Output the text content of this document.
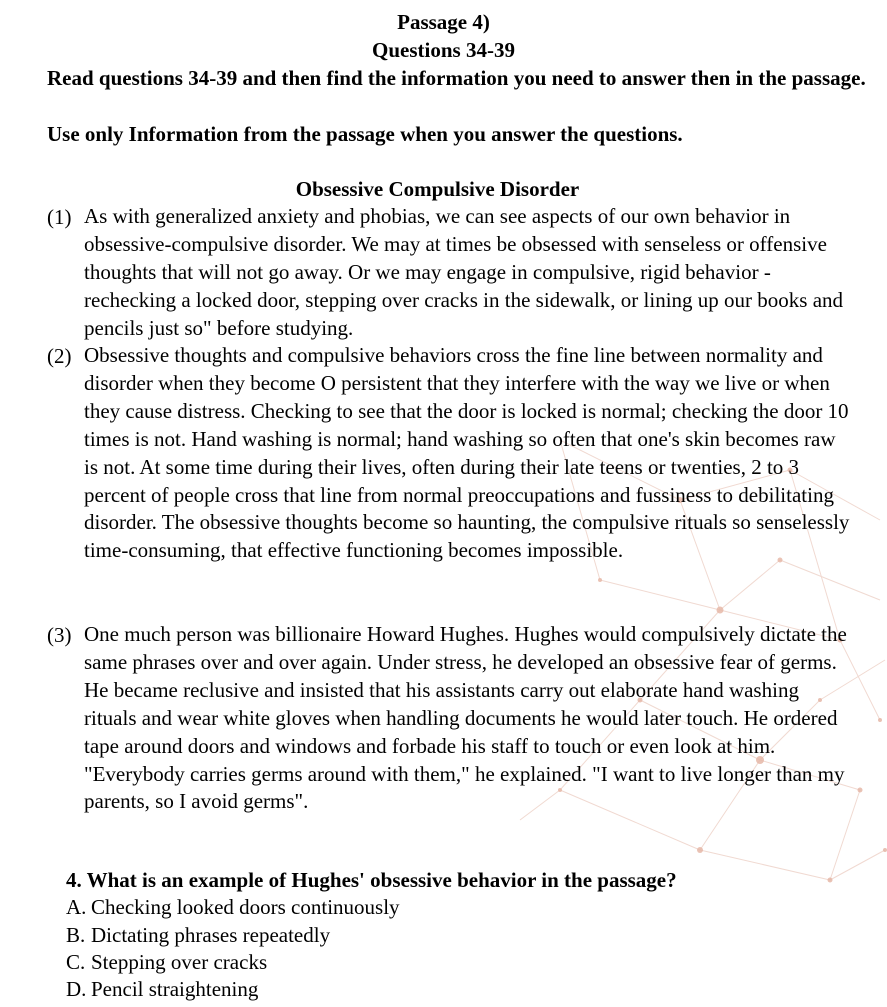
Passage 4)
Questions 34-39
Read questions 34-39 and then find the information you need to answer then in the passage.
Use only Information from the passage when you answer the questions.
Obsessive Compulsive Disorder
(1) As with generalized anxiety and phobias, we can see aspects of our own behavior in obsessive-compulsive disorder. We may at times be obsessed with senseless or offensive thoughts that will not go away. Or we may engage in compulsive, rigid behavior - rechecking a locked door, stepping over cracks in the sidewalk, or lining up our books and pencils just so" before studying.
(2) Obsessive thoughts and compulsive behaviors cross the fine line between normality and disorder when they become O persistent that they interfere with the way we live or when they cause distress. Checking to see that the door is locked is normal; checking the door 10 times is not. Hand washing is normal; hand washing so often that one's skin becomes raw is not. At some time during their lives, often during their late teens or twenties, 2 to 3 percent of people cross that line from normal preoccupations and fussiness to debilitating disorder. The obsessive thoughts become so haunting, the compulsive rituals so senselessly time-consuming, that effective functioning becomes impossible.
(3) One much person was billionaire Howard Hughes. Hughes would compulsively dictate the same phrases over and over again. Under stress, he developed an obsessive fear of germs. He became reclusive and insisted that his assistants carry out elaborate hand washing rituals and wear white gloves when handling documents he would later touch. He ordered tape around doors and windows and forbade his staff to touch or even look at him. "Everybody carries germs around with them," he explained. "I want to live longer than my parents, so I avoid germs".
4. What is an example of Hughes' obsessive behavior in the passage?
A. Checking looked doors continuously
B. Dictating phrases repeatedly
C. Stepping over cracks
D. Pencil straightening
